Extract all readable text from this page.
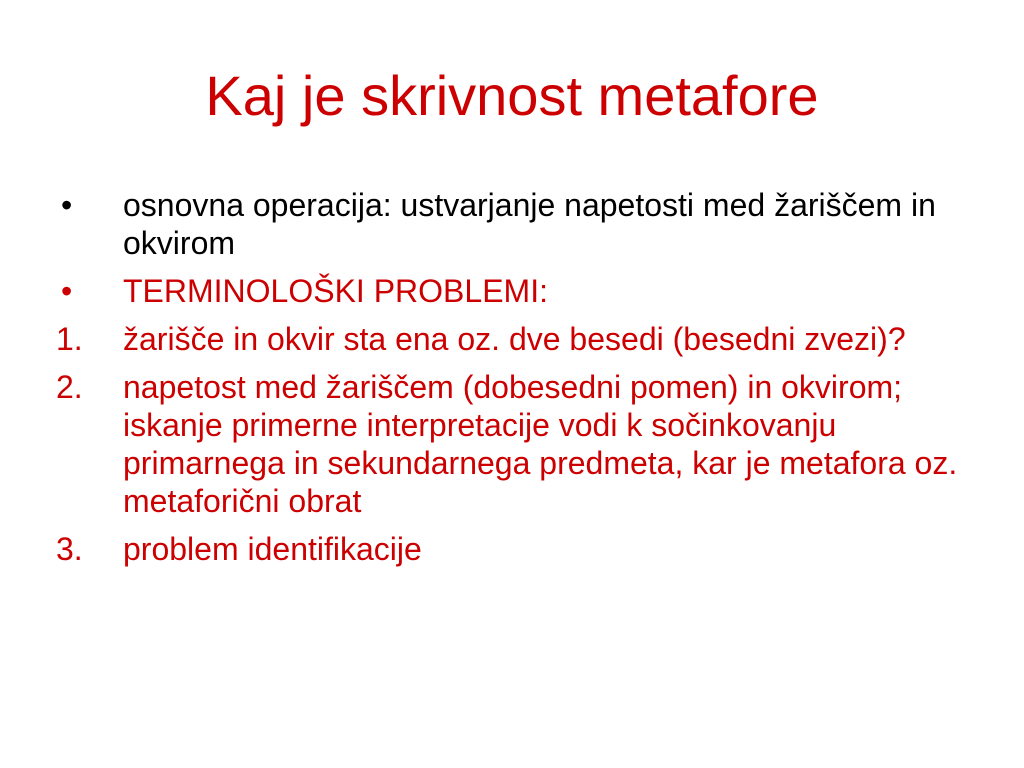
Kaj je skrivnost metafore
• osnovna operacija: ustvarjanje napetosti med žariščem in okvirom
• TERMINOLOŠKI PROBLEMI:
1. žarišče in okvir sta ena oz. dve besedi (besedni zvezi)?
2. napetost med žariščem (dobesedni pomen) in okvirom; iskanje primerne interpretacije vodi k sočinkovanju primarnega in sekundarnega predmeta, kar je metafora oz. metaforični obrat
3. problem identifikacije
